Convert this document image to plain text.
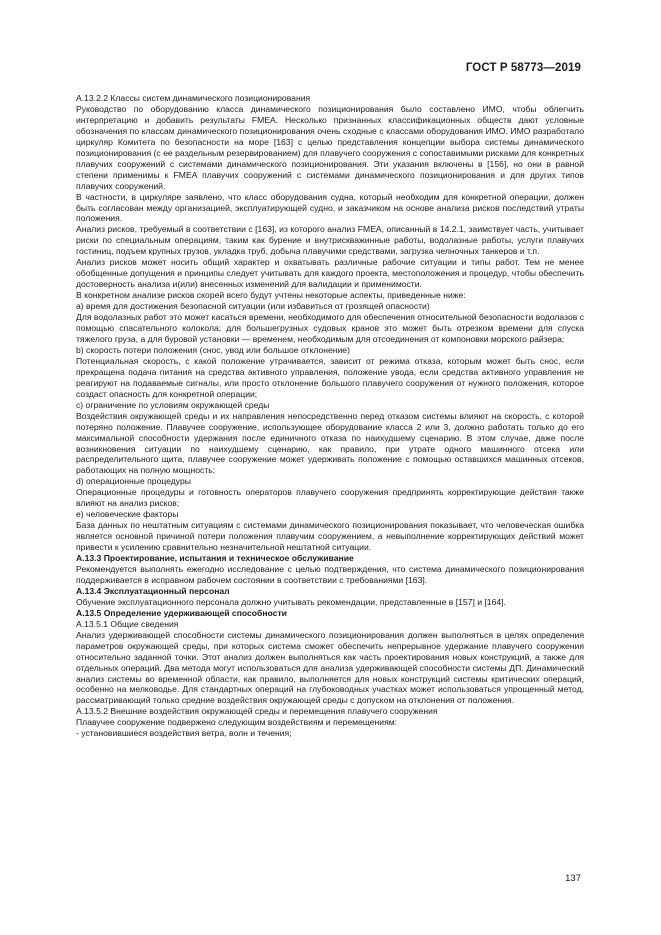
ГОСТ Р 58773—2019

А.13.2.2 Классы систем динамического позиционирования

Руководство по оборудованию класса динамического позиционирования было составлено ИМО, чтобы облегчить интерпретацию и добавить результаты FMEA. Несколько признанных классификационных обществ дают условные обозначения по классам динамического позиционирования очень сходные с классами оборудования ИМО. ИМО разработало циркуляр Комитета по безопасности на море [163] с целью представления концепции выбора системы динамического позиционирования (с ее раздельным резервированием) для плавучего сооружения с сопоставимыми рисками для конкретных плавучих сооружений с системами динамического позиционирования. Эти указания включены в [156], но они в равной степени применимы к FMEA плавучих сооружений с системами динамического позиционирования и для других типов плавучих сооружений.

В частности, в циркуляре заявлено, что класс оборудования судна, который необходим для конкретной операции, должен быть согласован между организацией, эксплуатирующей судно, и заказчиком на основе анализа рисков последствий утраты положения.

Анализ рисков, требуемый в соответствии с [163], из которого анализ FMEA, описанный в 14.2.1, заимствует часть, учитывает риски по специальным операциям, таким как бурение и внутрискважинные работы, водолазные работы, услуги плавучих гостиниц, подъем крупных грузов, укладка труб, добыча плавучими средствами, загрузка челночных танкеров и т.п.

Анализ рисков может носить общий характер и охватывать различные рабочие ситуации и типы работ. Тем не менее обобщенные допущения и принципы следует учитывать для каждого проекта, местоположения и процедур, чтобы обеспечить достоверность анализа и(или) внесенных изменений для валидации и применимости.

В конкретном анализе рисков скорей всего будут учтены некоторые аспекты, приведенные ниже:

а) время для достижения безопасной ситуации (или избавиться от грозящей опасности)

Для водолазных работ это может касаться времени, необходимого для обеспечения относительной безопасности водолазов с помощью спасательного колокола; для большегрузных судовых кранов это может быть отрезком времени для спуска тяжелого груза, а для буровой установки — временем, необходимым для отсоединения от компоновки морского райзера;

b) скорость потери положения (снос, увод или большое отклонение)

Потенциальная скорость, с какой положение утрачивается, зависит от режима отказа, которым может быть снос, если прекращена подача питания на средства активного управления, положение увода, если средства активного управления не реагируют на подаваемые сигналы, или просто отклонение большого плавучего сооружения от нужного положения, которое создаст опасность для конкретной операции;

с) ограничение по условиям окружающей среды

Воздействия окружающей среды и их направления непосредственно перед отказом системы влияют на скорость, с которой потеряно положение. Плавучее сооружение, использующее оборудование класса 2 или 3, должно работать только до его максимальной способности удержания после единичного отказа по наихудшему сценарию. В этом случае, даже после возникновения ситуации по наихудшему сценарию, как правило, при утрате одного машинного отсека или распределительного щита, плавучее сооружение может удерживать положение с помощью оставшихся машинных отсеков, работающих на полную мощность;

d) операционные процедуры

Операционные процедуры и готовность операторов плавучего сооружения предпринять корректирующие действия также влияют на анализ рисков;

е) человеческие факторы

База данных по нештатным ситуациям с системами динамического позиционирования показывает, что человеческая ошибка является основной причиной потери положения плавучим сооружением, а невыполнение корректирующих действий может привести к усилению сравнительно незначительной нештатной ситуации.

А.13.3 Проектирование, испытания и техническое обслуживание

Рекомендуется выполнять ежегодно исследование с целью подтверждения, что система динамического позиционирования поддерживается в исправном рабочем состоянии в соответствии с требованиями [163].

А.13.4 Эксплуатационный персонал

Обучение эксплуатационного персонала должно учитывать рекомендации, представленные в [157] и [164].

А.13.5 Определение удерживающей способности

А.13.5.1 Общие сведения

Анализ удерживающей способности системы динамического позиционирования должен выполняться в целях определения параметров окружающей среды, при которых система сможет обеспечить непрерывное удержание плавучего сооружения относительно заданной точки. Этот анализ должен выполняться как часть проектирования новых конструкций, а также для отдельных операций. Два метода могут использоваться для анализа удерживающей способности системы ДП. Динамический анализ системы во временной области, как правило, выполняется для новых конструкций системы критических операций, особенно на мелководье. Для стандартных операций на глубоководных участках может использоваться упрощенный метод, рассматривающий только средние воздействия окружающей среды с допуском на отклонения от положения.

А.13.5.2 Внешние воздействия окружающей среды и перемещения плавучего сооружения

Плавучее сооружение подвержено следующим воздействиям и перемещениям:

- установившиеся воздействия ветра, волн и течения;

137
